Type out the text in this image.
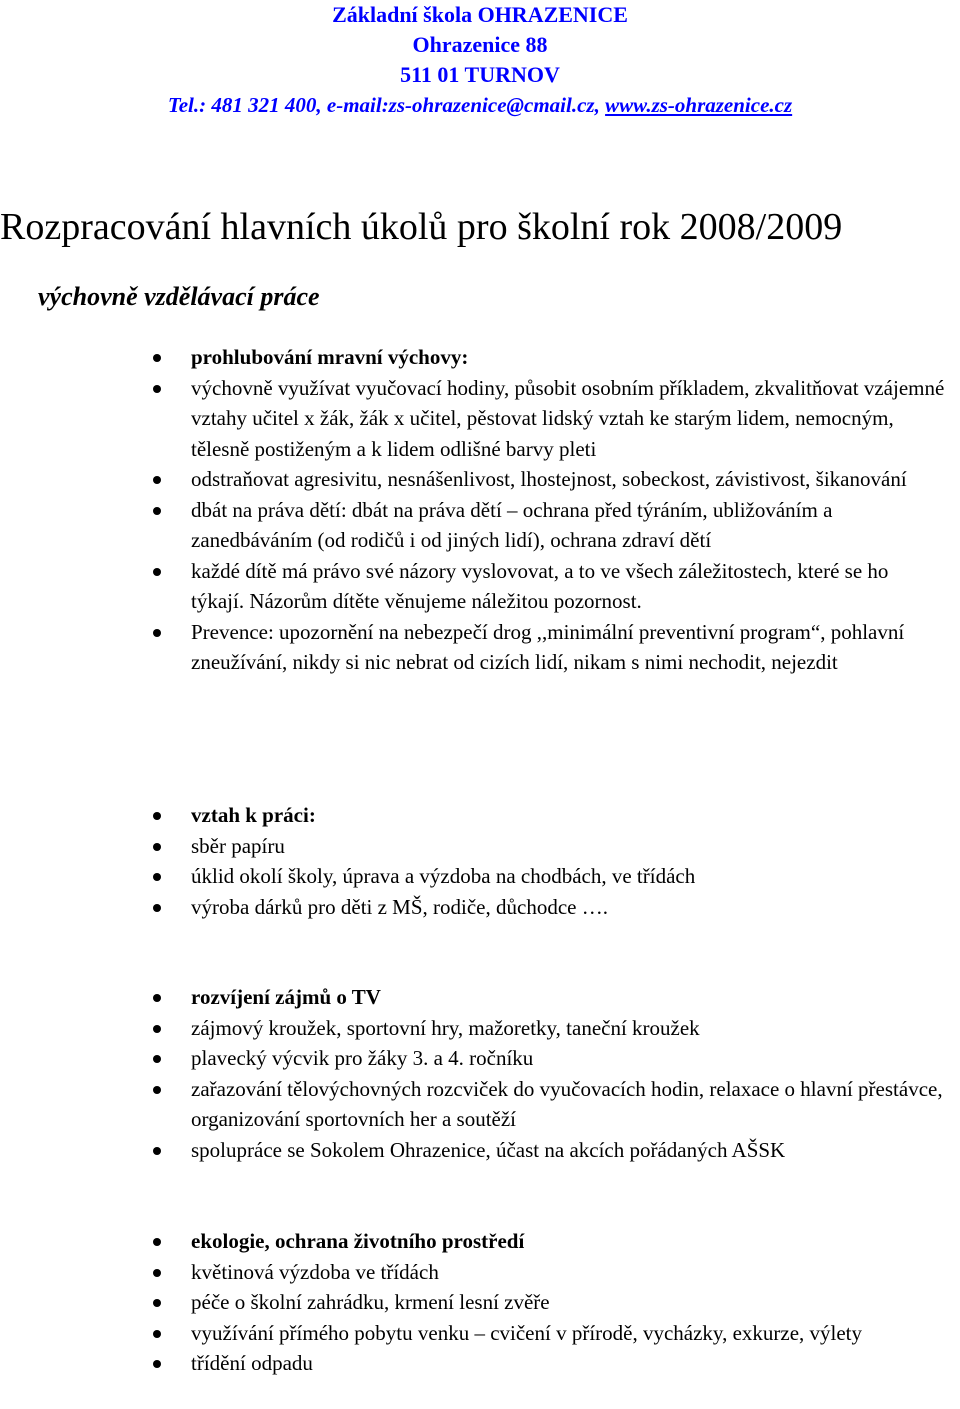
Základní škola OHRAZENICE
Ohrazenice 88
511 01 TURNOV
Tel.: 481 321 400, e-mail:zs-ohrazenice@cmail.cz, www.zs-ohrazenice.cz
Rozpracování hlavních úkolů pro školní rok 2008/2009
výchovně vzdělávací práce
prohlubování mravní výchovy:
výchovně využívat vyučovací hodiny, působit osobním příkladem, zkvalitňovat vzájemné vztahy učitel x žák, žák x učitel, pěstovat lidský vztah ke starým lidem, nemocným, tělesně postiženým a k lidem odlišné barvy pleti
odstraňovat agresivitu, nesnášenlivost, lhostejnost, sobeckost, závistivost, šikanování
dbát na práva dětí: dbát na práva dětí – ochrana před týráním, ubližováním a zanedbáváním (od rodičů i od jiných lidí), ochrana zdraví dětí
každé dítě má právo své názory vyslovovat, a to ve všech záležitostech, které se ho týkají. Názorům dítěte věnujeme náležitou pozornost.
Prevence: upozornění na nebezpečí drog ,,minimální preventivní program“, pohlavní zneužívání, nikdy si nic nebrat od cizích lidí, nikam s nimi nechodit, nejezdit
vztah k práci:
sběr papíru
úklid okolí školy, úprava a výzdoba na chodbách, ve třídách
výroba dárků pro děti z MŠ, rodiče, důchodce ….
rozvíjení zájmů o TV
zájmový kroužek, sportovní hry, mažoretky, taneční kroužek
plavecký výcvik pro žáky 3. a 4. ročníku
zařazování tělovýchovných rozcviček do vyučovacích hodin, relaxace o hlavní přestávce, organizování sportovních her a soutěží
spolupráce se Sokolem Ohrazenice, účast na akcích pořádaných AŠSK
ekologie, ochrana životního prostředí
květinová výzdoba ve třídách
péče o školní zahrádku, krmení lesní zvěře
využívání přímého pobytu venku – cvičení v přírodě, vycházky, exkurze, výlety
třídění odpadu
